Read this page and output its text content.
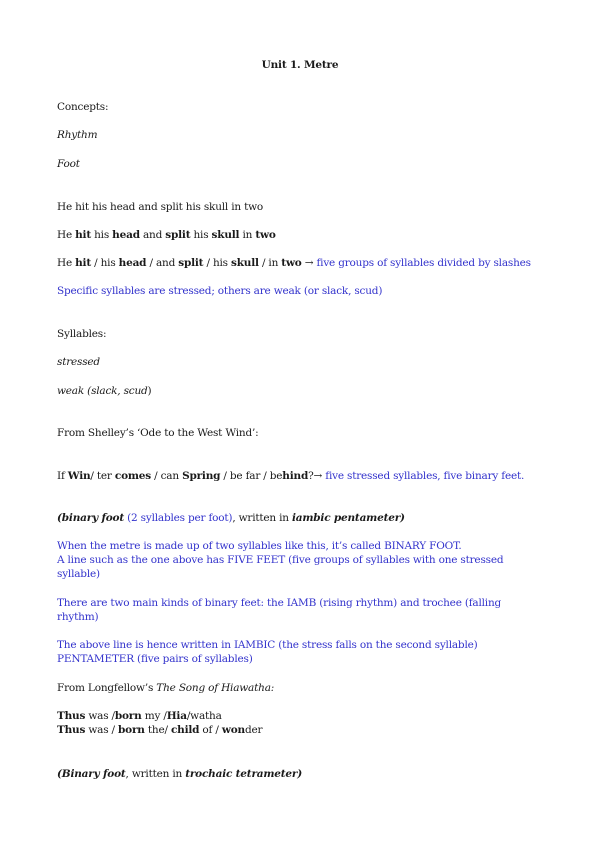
Unit 1. Metre
Concepts:
Rhythm
Foot
He hit his head and split his skull in two
He hit his head and split his skull in two
He hit / his head / and split / his skull / in two → five groups of syllables divided by slashes
Specific syllables are stressed; others are weak (or slack, scud)
Syllables:
stressed
weak (slack, scud)
From Shelley’s ‘Ode to the West Wind’:
If Win/ ter comes / can Spring / be far / behind?→ five stressed syllables, five binary feet.
(binary foot (2 syllables per foot), written in iambic pentameter)
When the metre is made up of two syllables like this, it’s called BINARY FOOT.
A line such as the one above has FIVE FEET (five groups of syllables with one stressed
syllable)
There are two main kinds of binary feet: the IAMB (rising rhythm) and trochee (falling
rhythm)
The above line is hence written in IAMBIC (the stress falls on the second syllable)
PENTAMETER (five pairs of syllables)
From Longfellow’s The Song of Hiawatha:
Thus was /born my /Hia/watha
Thus was / born the/ child of / wonder
(Binary foot, written in trochaic tetrameter)
